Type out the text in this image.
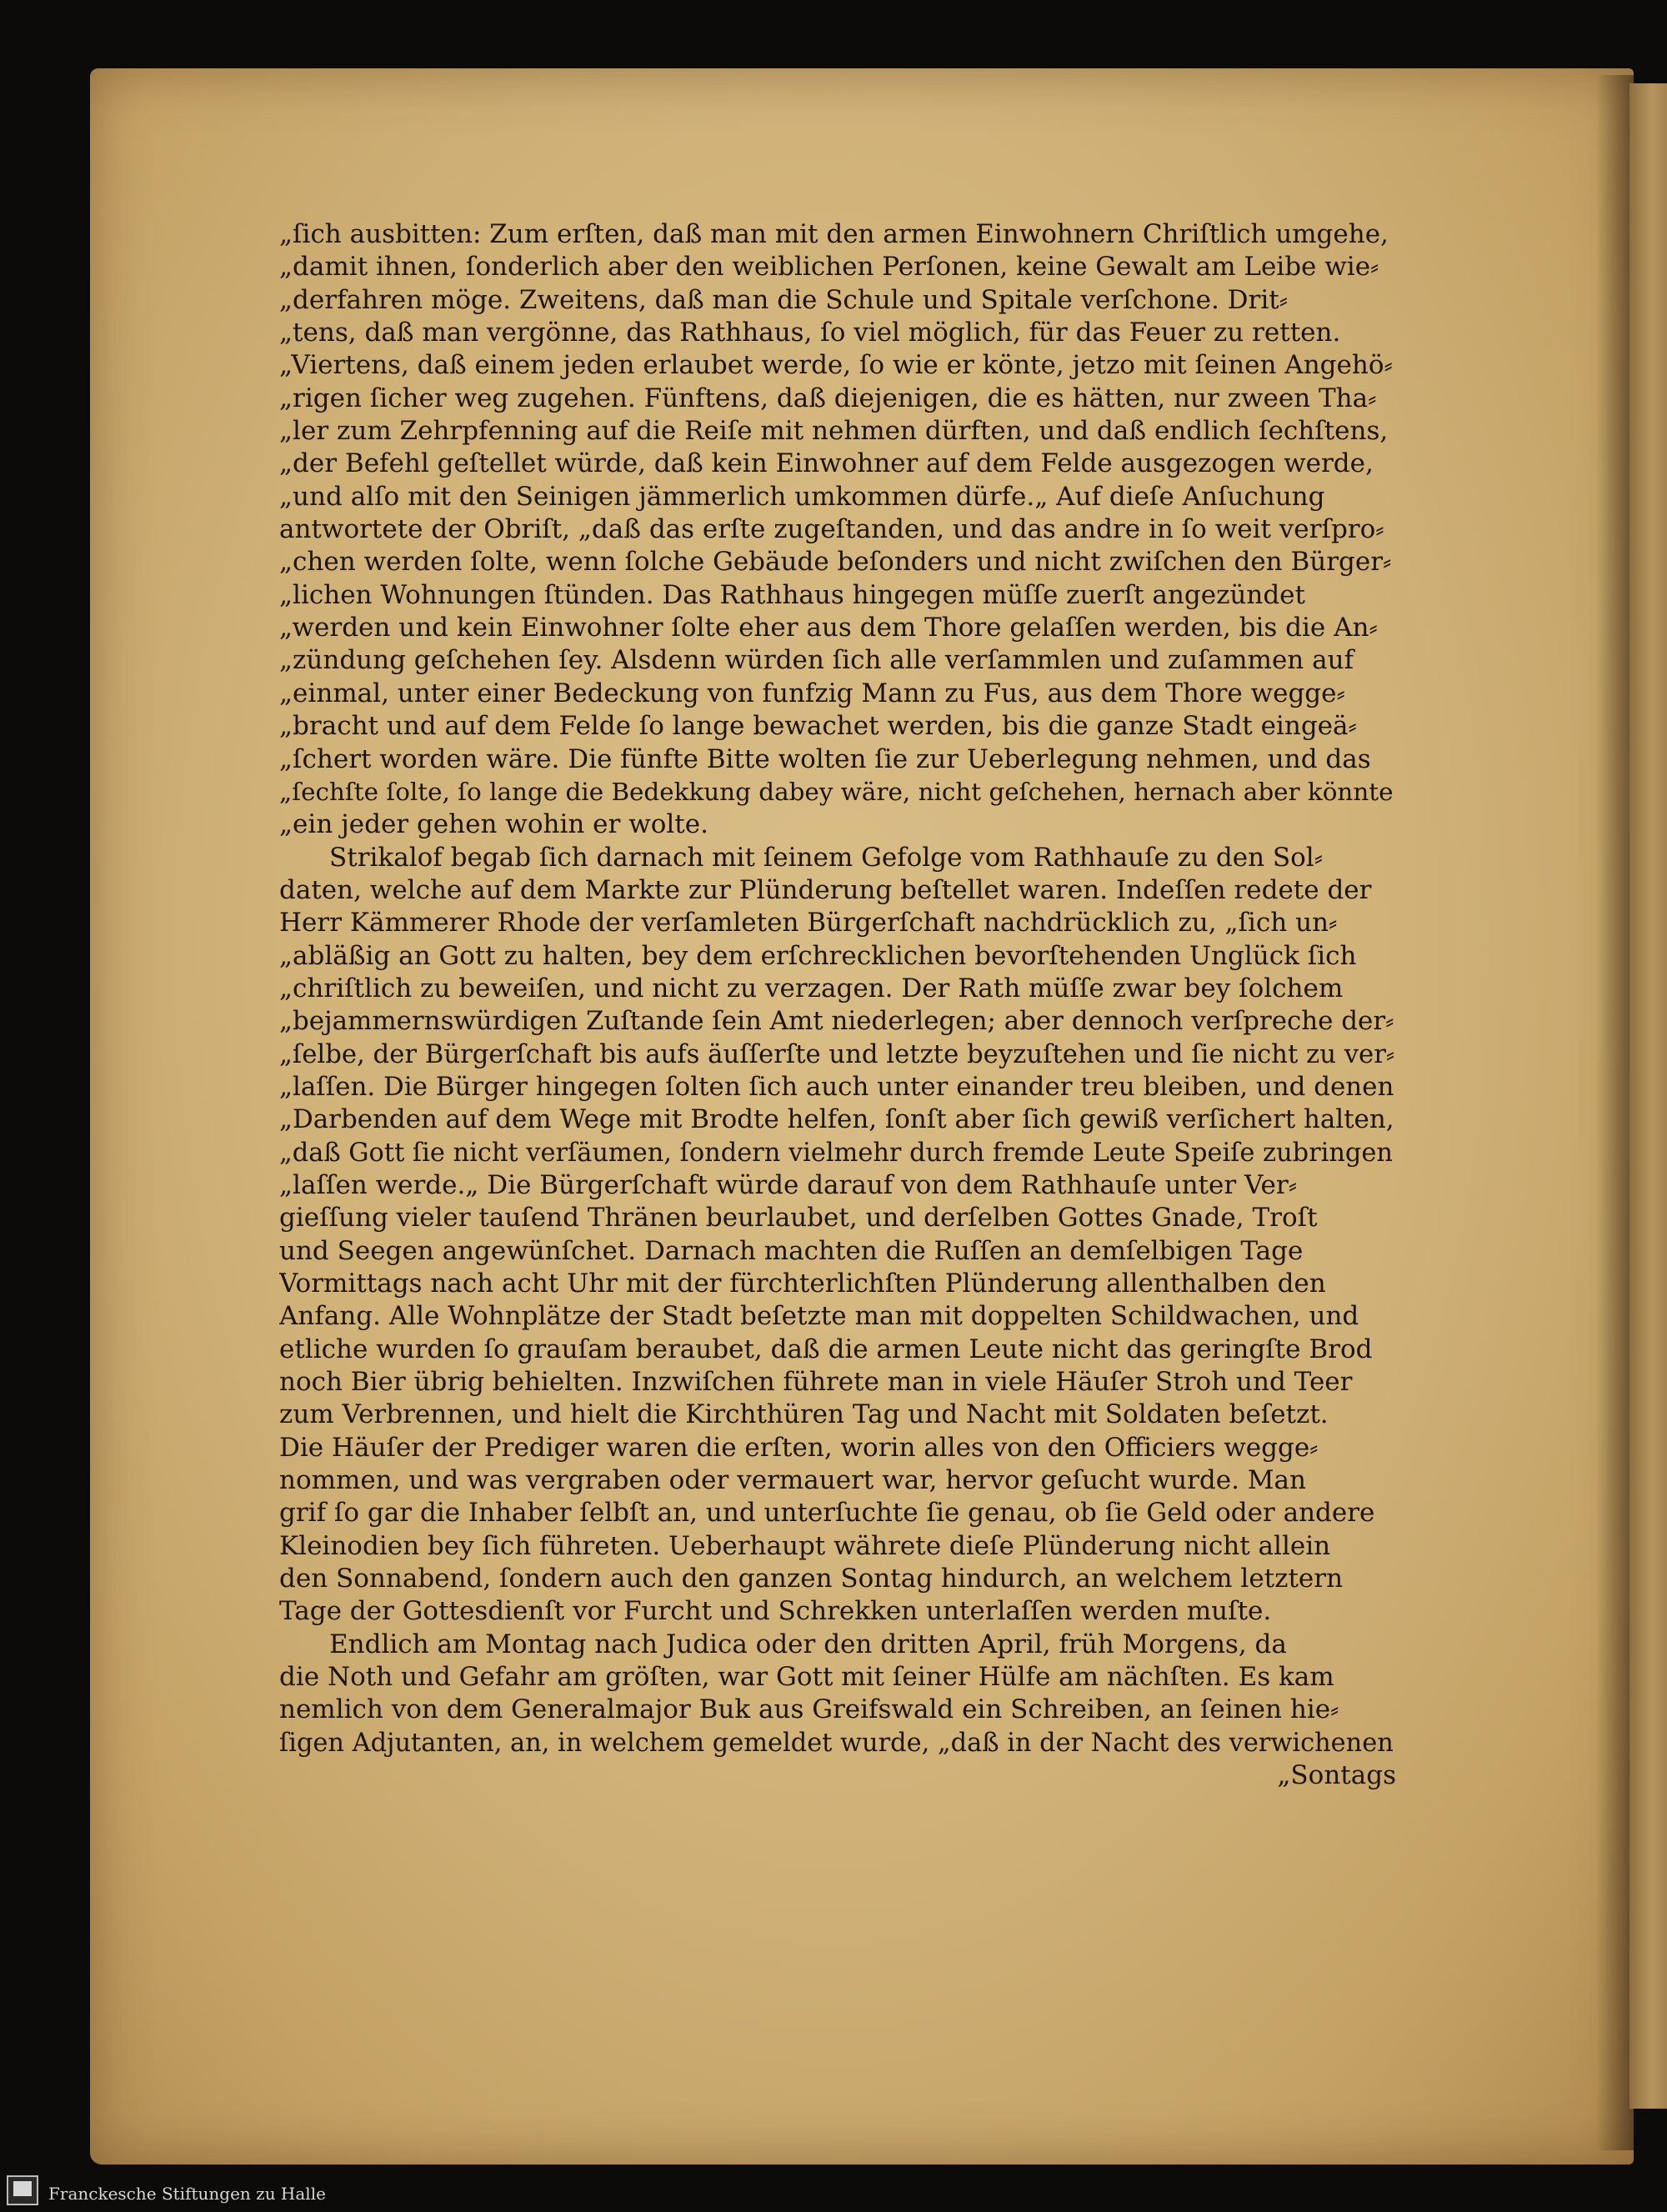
„ſich ausbitten: Zum erſten, daß man mit den armen Einwohnern Chriſtlich umgehe,
„damit ihnen, ſonderlich aber den weiblichen Perſonen, keine Gewalt am Leibe wie⸗
„derfahren möge. Zweitens, daß man die Schule und Spitale verſchone. Drit⸗
„tens, daß man vergönne, das Rathhaus, ſo viel möglich, für das Feuer zu retten.
„Viertens, daß einem jeden erlaubet werde, ſo wie er könte, jetzo mit ſeinen Angehö⸗
„rigen ſicher weg zugehen. Fünftens, daß diejenigen, die es hätten, nur zween Tha⸗
„ler zum Zehrpfenning auf die Reiſe mit nehmen dürften, und daß endlich ſechſtens,
„der Befehl geſtellet würde, daß kein Einwohner auf dem Felde ausgezogen werde,
„und alſo mit den Seinigen jämmerlich umkommen dürfe.„ Auf dieſe Anſuchung
antwortete der Obriſt, „daß das erſte zugeſtanden, und das andre in ſo weit verſpro⸗
„chen werden ſolte, wenn ſolche Gebäude beſonders und nicht zwiſchen den Bürger⸗
„lichen Wohnungen ſtünden. Das Rathhaus hingegen müſſe zuerſt angezündet
„werden und kein Einwohner ſolte eher aus dem Thore gelaſſen werden, bis die An⸗
„zündung geſchehen ſey. Alsdenn würden ſich alle verſammlen und zuſammen auf
„einmal, unter einer Bedeckung von funfzig Mann zu Fus, aus dem Thore wegge⸗
„bracht und auf dem Felde ſo lange bewachet werden, bis die ganze Stadt eingeä⸗
„ſchert worden wäre. Die fünfte Bitte wolten ſie zur Ueberlegung nehmen, und das
„ſechſte ſolte, ſo lange die Bedekkung dabey wäre, nicht geſchehen, hernach aber könnte
„ein jeder gehen wohin er wolte.
Strikalof begab ſich darnach mit ſeinem Gefolge vom Rathhauſe zu den Sol⸗
daten, welche auf dem Markte zur Plünderung beſtellet waren. Indeſſen redete der
Herr Kämmerer Rhode der verſamleten Bürgerſchaft nachdrücklich zu, „ſich un⸗
„abläßig an Gott zu halten, bey dem erſchrecklichen bevorſtehenden Unglück ſich
„chriſtlich zu beweiſen, und nicht zu verzagen. Der Rath müſſe zwar bey ſolchem
„bejammernswürdigen Zuſtande ſein Amt niederlegen; aber dennoch verſpreche der⸗
„ſelbe, der Bürgerſchaft bis aufs äuſſerſte und letzte beyzuſtehen und ſie nicht zu ver⸗
„laſſen. Die Bürger hingegen ſolten ſich auch unter einander treu bleiben, und denen
„Darbenden auf dem Wege mit Brodte helfen, ſonſt aber ſich gewiß verſichert halten,
„daß Gott ſie nicht verſäumen, ſondern vielmehr durch fremde Leute Speiſe zubringen
„laſſen werde.„ Die Bürgerſchaft würde darauf von dem Rathhauſe unter Ver⸗
gieſſung vieler tauſend Thränen beurlaubet, und derſelben Gottes Gnade, Troſt
und Seegen angewünſchet. Darnach machten die Ruſſen an demſelbigen Tage
Vormittags nach acht Uhr mit der fürchterlichſten Plünderung allenthalben den
Anfang. Alle Wohnplätze der Stadt beſetzte man mit doppelten Schildwachen, und
etliche wurden ſo grauſam beraubet, daß die armen Leute nicht das geringſte Brod
noch Bier übrig behielten. Inzwiſchen führete man in viele Häuſer Stroh und Teer
zum Verbrennen, und hielt die Kirchthüren Tag und Nacht mit Soldaten beſetzt.
Die Häuſer der Prediger waren die erſten, worin alles von den Officiers wegge⸗
nommen, und was vergraben oder vermauert war, hervor geſucht wurde. Man
grif ſo gar die Inhaber ſelbſt an, und unterſuchte ſie genau, ob ſie Geld oder andere
Kleinodien bey ſich führeten. Ueberhaupt währete dieſe Plünderung nicht allein
den Sonnabend, ſondern auch den ganzen Sontag hindurch, an welchem letztern
Tage der Gottesdienſt vor Furcht und Schrekken unterlaſſen werden muſte.
Endlich am Montag nach Judica oder den dritten April, früh Morgens, da
die Noth und Gefahr am gröſten, war Gott mit ſeiner Hülfe am nächſten. Es kam
nemlich von dem Generalmajor Buk aus Greifswald ein Schreiben, an ſeinen hie⸗
ſigen Adjutanten, an, in welchem gemeldet wurde, „daß in der Nacht des verwichenen
„Sontags
Franckesche Stiftungen zu Halle
